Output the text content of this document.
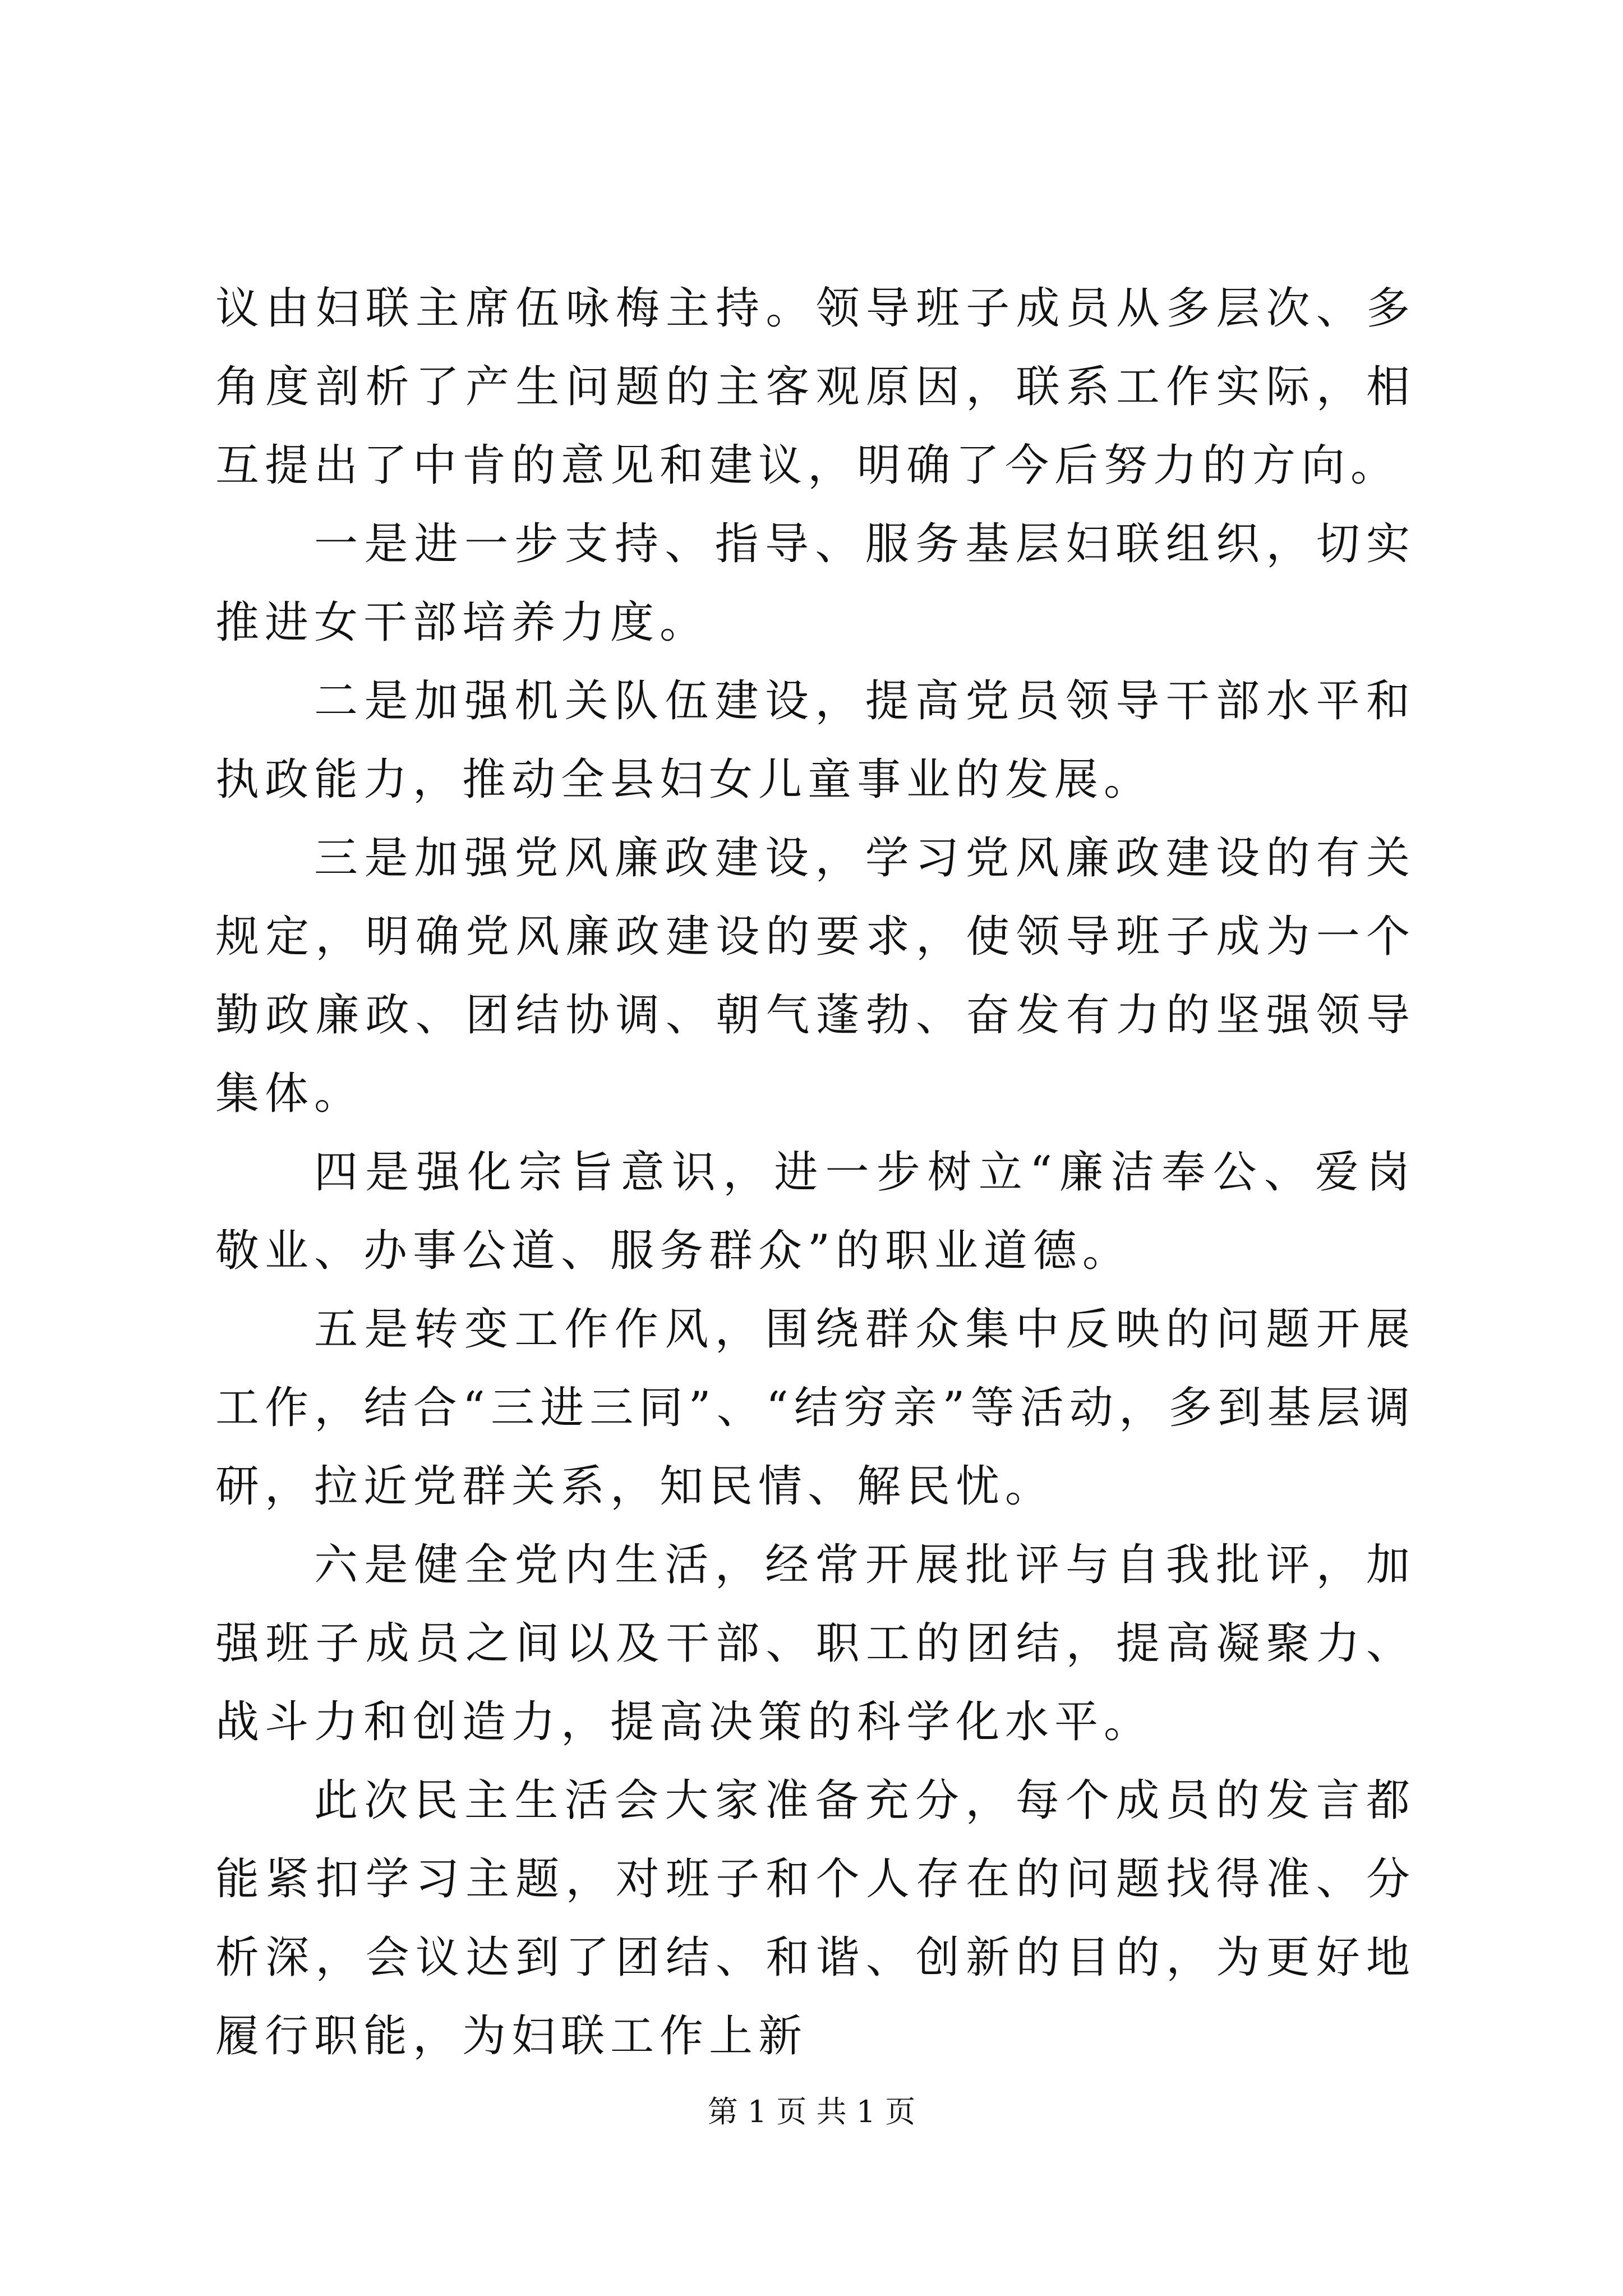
议由妇联主席伍咏梅主持。领导班子成员从多层次、多角度剖析了产生问题的主客观原因，联系工作实际，相互提出了中肯的意见和建议，明确了今后努力的方向。

一是进一步支持、指导、服务基层妇联组织，切实推进女干部培养力度。

二是加强机关队伍建设，提高党员领导干部水平和执政能力，推动全县妇女儿童事业的发展。

三是加强党风廉政建设，学习党风廉政建设的有关规定，明确党风廉政建设的要求，使领导班子成为一个勤政廉政、团结协调、朝气蓬勃、奋发有力的坚强领导集体。

四是强化宗旨意识，进一步树立“廉洁奉公、爱岗敬业、办事公道、服务群众”的职业道德。

五是转变工作作风，围绕群众集中反映的问题开展工作，结合“三进三同”、“结穷亲”等活动，多到基层调研，拉近党群关系，知民情、解民忧。

六是健全党内生活，经常开展批评与自我批评，加强班子成员之间以及干部、职工的团结，提高凝聚力、战斗力和创造力，提高决策的科学化水平。

此次民主生活会大家准备充分，每个成员的发言都能紧扣学习主题，对班子和个人存在的问题找得准、分析深，会议达到了团结、和谐、创新的目的，为更好地履行职能，为妇联工作上新

第 1 页 共 1 页
